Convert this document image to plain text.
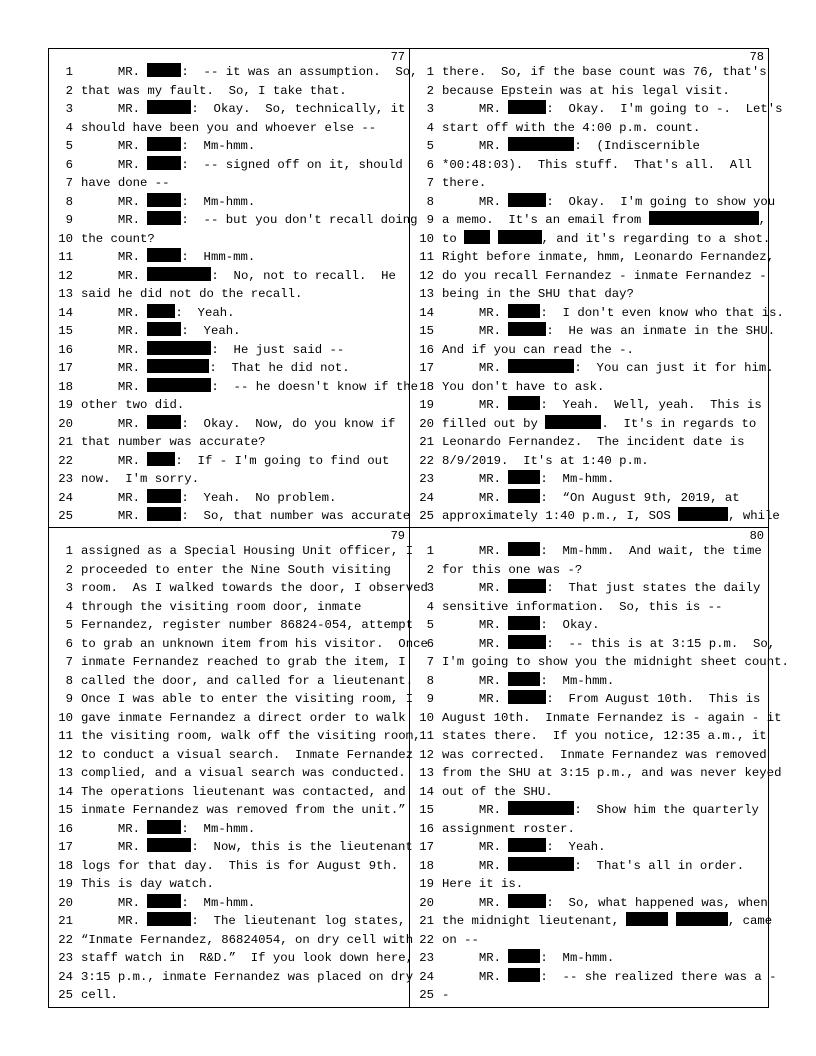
77
1     MR.	:  -- it was an assumption.  So,
2 that was my fault.  So, I take that.
3     MR.	:  Okay.  So, technically, it
4 should have been you and whoever else --
5     MR.	:  Mm-hmm.
6     MR.	:  -- signed off on it, should
7 have done --
8     MR.	:  Mm-hmm.
9     MR.	:  -- but you don't recall doing
10 the count?
11     MR.	:  Hmm-mm.
12     MR.	:  No, not to recall.  He
13 said he did not do the recall.
14     MR. :  Yeah.
15     MR.	:  Yeah.
16     MR.	:  He just said --
17     MR.	:  That he did not.
18     MR.	:  -- he doesn't know if the
19 other two did.
20     MR.	:  Okay.  Now, do you know if
21 that number was accurate?
22     MR. :  If - I'm going to find out
23 now.  I'm sorry.
24     MR.	:  Yeah.  No problem.
25     MR.	:  So, that number was accurate
78
1 there.  So, if the base count was 76, that's
2 because Epstein was at his legal visit.
3     MR.	:  Okay.  I'm going to -.  Let's
4 start off with the 4:00 p.m. count.
5     MR.	:  (Indiscernible
6 *00:48:03).  This stuff.  That's all.  All
7 there.
8     MR.	:  Okay.  I'm going to show you
9 a memo.  It's an email from	,
10 to	, and it's regarding to a shot.
11 Right before inmate, hmm, Leonardo Fernandez,
12 do you recall Fernandez - inmate Fernandez -
13 being in the SHU that day?
14     MR.	:  I don't even know who that is.
15     MR.	:  He was an inmate in the SHU.
16 And if you can read the -.
17     MR.	:  You can just it for him.
18 You don't have to ask.
19     MR.	:  Yeah.  Well, yeah.  This is
20 filled out by	.  It's in regards to
21 Leonardo Fernandez.  The incident date is
22 8/9/2019.  It's at 1:40 p.m.
23     MR.	:  Mm-hmm.
24     MR.	:  “On August 9th, 2019, at
25 approximately 1:40 p.m., I, SOS	, while
79
1 assigned as a Special Housing Unit officer, I
2 proceeded to enter the Nine South visiting
3 room.  As I walked towards the door, I observed
4 through the visiting room door, inmate
5 Fernandez, register number 86824-054, attempt
6 to grab an unknown item from his visitor.  Once
7 inmate Fernandez reached to grab the item, I
8 called the door, and called for a lieutenant.
9 Once I was able to enter the visiting room, I
10 gave inmate Fernandez a direct order to walk
11 the visiting room, walk off the visiting room,
12 to conduct a visual search.  Inmate Fernandez
13 complied, and a visual search was conducted.
14 The operations lieutenant was contacted, and
15 inmate Fernandez was removed from the unit.”
16     MR.	:  Mm-hmm.
17     MR.	:  Now, this is the lieutenant
18 logs for that day.  This is for August 9th.
19 This is day watch.
20     MR.	:  Mm-hmm.
21     MR.	:  The lieutenant log states,
22 “Inmate Fernandez, 86824054, on dry cell with
23 staff watch in  R&D.”  If you look down here,
24 3:15 p.m., inmate Fernandez was placed on dry
25 cell.
80
1     MR.	:  Mm-hmm.  And wait, the time
2 for this one was -?
3     MR.	:  That just states the daily
4 sensitive information.  So, this is --
5     MR.	:  Okay.
6     MR.	:  -- this is at 3:15 p.m.  So,
7 I'm going to show you the midnight sheet count.
8     MR.	:  Mm-hmm.
9     MR.	:  From August 10th.  This is
10 August 10th.  Inmate Fernandez is - again - it
11 states there.  If you notice, 12:35 a.m., it
12 was corrected.  Inmate Fernandez was removed
13 from the SHU at 3:15 p.m., and was never keyed
14 out of the SHU.
15     MR.	:  Show him the quarterly
16 assignment roster.
17     MR.	:  Yeah.
18     MR.	:  That's all in order.
19 Here it is.
20     MR.	:  So, what happened was, when
21 the midnight lieutenant,	, came
22 on --
23     MR.	:  Mm-hmm.
24     MR.	:  -- she realized there was a -
25 -
